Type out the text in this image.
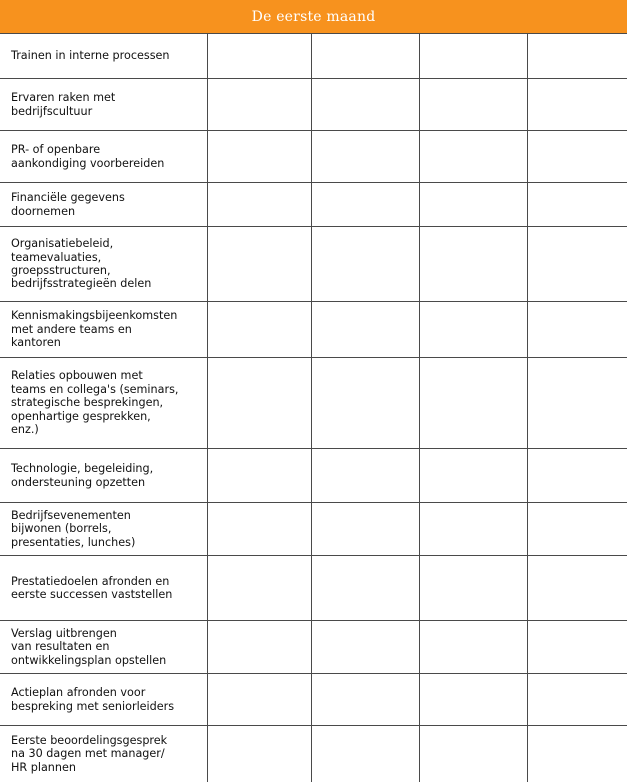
De eerste maand
Trainen in interne processen
Ervaren raken met
bedrijfscultuur
PR- of openbare
aankondiging voorbereiden
Financiële gegevens
doornemen
Organisatiebeleid,
teamevaluaties,
groepsstructuren,
bedrijfsstrategieën delen
Kennismakingsbijeenkomsten
met andere teams en
kantoren
Relaties opbouwen met
teams en collega's (seminars,
strategische besprekingen,
openhartige gesprekken,
enz.)
Technologie, begeleiding,
ondersteuning opzetten
Bedrijfsevenementen
bijwonen (borrels,
presentaties, lunches)
Prestatiedoelen afronden en
eerste successen vaststellen
Verslag uitbrengen
van resultaten en
ontwikkelingsplan opstellen
Actieplan afronden voor
bespreking met seniorleiders
Eerste beoordelingsgesprek
na 30 dagen met manager/
HR plannen
